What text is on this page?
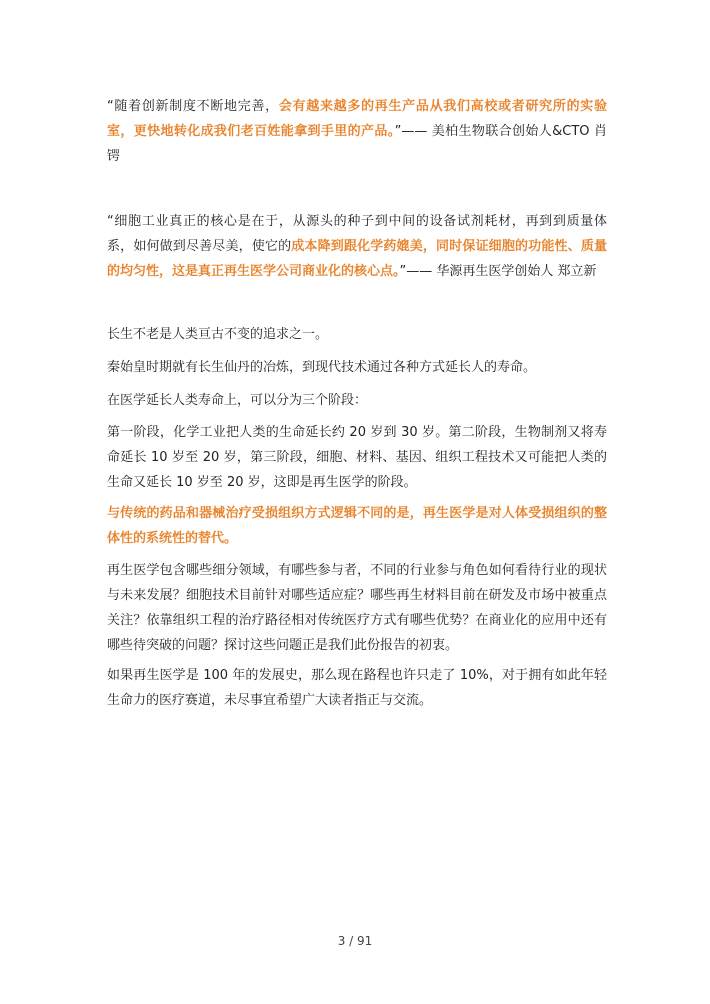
“随着创新制度不断地完善，会有越来越多的再生产品从我们高校或者研究所的实验室，更快地转化成我们老百姓能拿到手里的产品。”—— 美柏生物联合创始人&CTO 肖锷

“细胞工业真正的核心是在于，从源头的种子到中间的设备试剂耗材，再到到质量体系，如何做到尽善尽美，使它的成本降到跟化学药媲美，同时保证细胞的功能性、质量的均匀性，这是真正再生医学公司商业化的核心点。”—— 华源再生医学创始人 郑立新

长生不老是人类亘古不变的追求之一。

秦始皇时期就有长生仙丹的冶炼，到现代技术通过各种方式延长人的寿命。

在医学延长人类寿命上，可以分为三个阶段：

第一阶段，化学工业把人类的生命延长约 20 岁到 30 岁。第二阶段，生物制剂又将寿命延长 10 岁至 20 岁，第三阶段，细胞、材料、基因、组织工程技术又可能把人类的生命又延长 10 岁至 20 岁，这即是再生医学的阶段。

与传统的药品和器械治疗受损组织方式逻辑不同的是，再生医学是对人体受损组织的整体性的系统性的替代。

再生医学包含哪些细分领域，有哪些参与者，不同的行业参与角色如何看待行业的现状与未来发展？细胞技术目前针对哪些适应症？哪些再生材料目前在研发及市场中被重点关注？依靠组织工程的治疗路径相对传统医疗方式有哪些优势？在商业化的应用中还有哪些待突破的问题？探讨这些问题正是我们此份报告的初衷。

如果再生医学是 100 年的发展史，那么现在路程也许只走了 10%，对于拥有如此年轻生命力的医疗赛道，未尽事宜希望广大读者指正与交流。

3 / 91
